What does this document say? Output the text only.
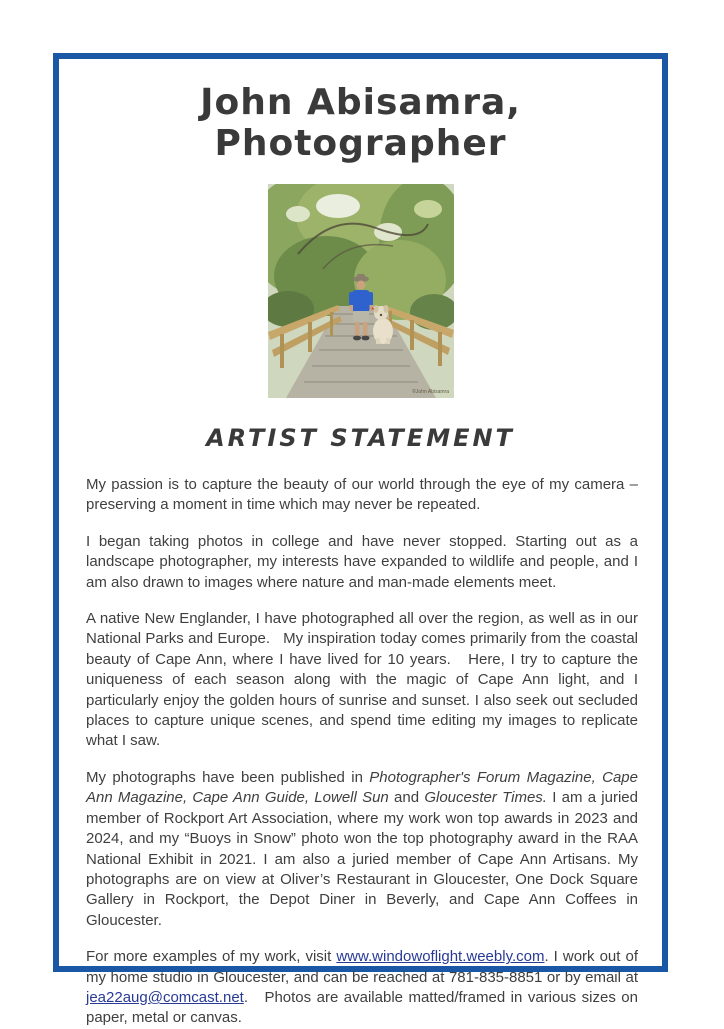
John Abisamra, Photographer
©John Abisamra
ARTIST STATEMENT

My passion is to capture the beauty of our world through the eye of my camera – preserving a moment in time which may never be repeated.

I began taking photos in college and have never stopped. Starting out as a landscape photographer, my interests have expanded to wildlife and people, and I am also drawn to images where nature and man-made elements meet.

A native New Englander, I have photographed all over the region, as well as in our National Parks and Europe.   My inspiration today comes primarily from the coastal beauty of Cape Ann, where I have lived for 10 years.   Here, I try to capture the uniqueness of each season along with the magic of Cape Ann light, and I particularly enjoy the golden hours of sunrise and sunset. I also seek out secluded places to capture unique scenes, and spend time editing my images to replicate what I saw.

My photographs have been published in Photographer's Forum Magazine, Cape Ann Magazine, Cape Ann Guide, Lowell Sun and Gloucester Times. I am a juried member of Rockport Art Association, where my work won top awards in 2023 and 2024, and my “Buoys in Snow” photo won the top photography award in the RAA National Exhibit in 2021. I am also a juried member of Cape Ann Artisans. My photographs are on view at Oliver’s Restaurant in Gloucester, One Dock Square Gallery in Rockport, the Depot Diner in Beverly, and Cape Ann Coffees in Gloucester.

For more examples of my work, visit www.windowoflight.weebly.com. I work out of my home studio in Gloucester, and can be reached at 781-835-8851 or by email at jea22aug@comcast.net.   Photos are available matted/framed in various sizes on paper, metal or canvas.
